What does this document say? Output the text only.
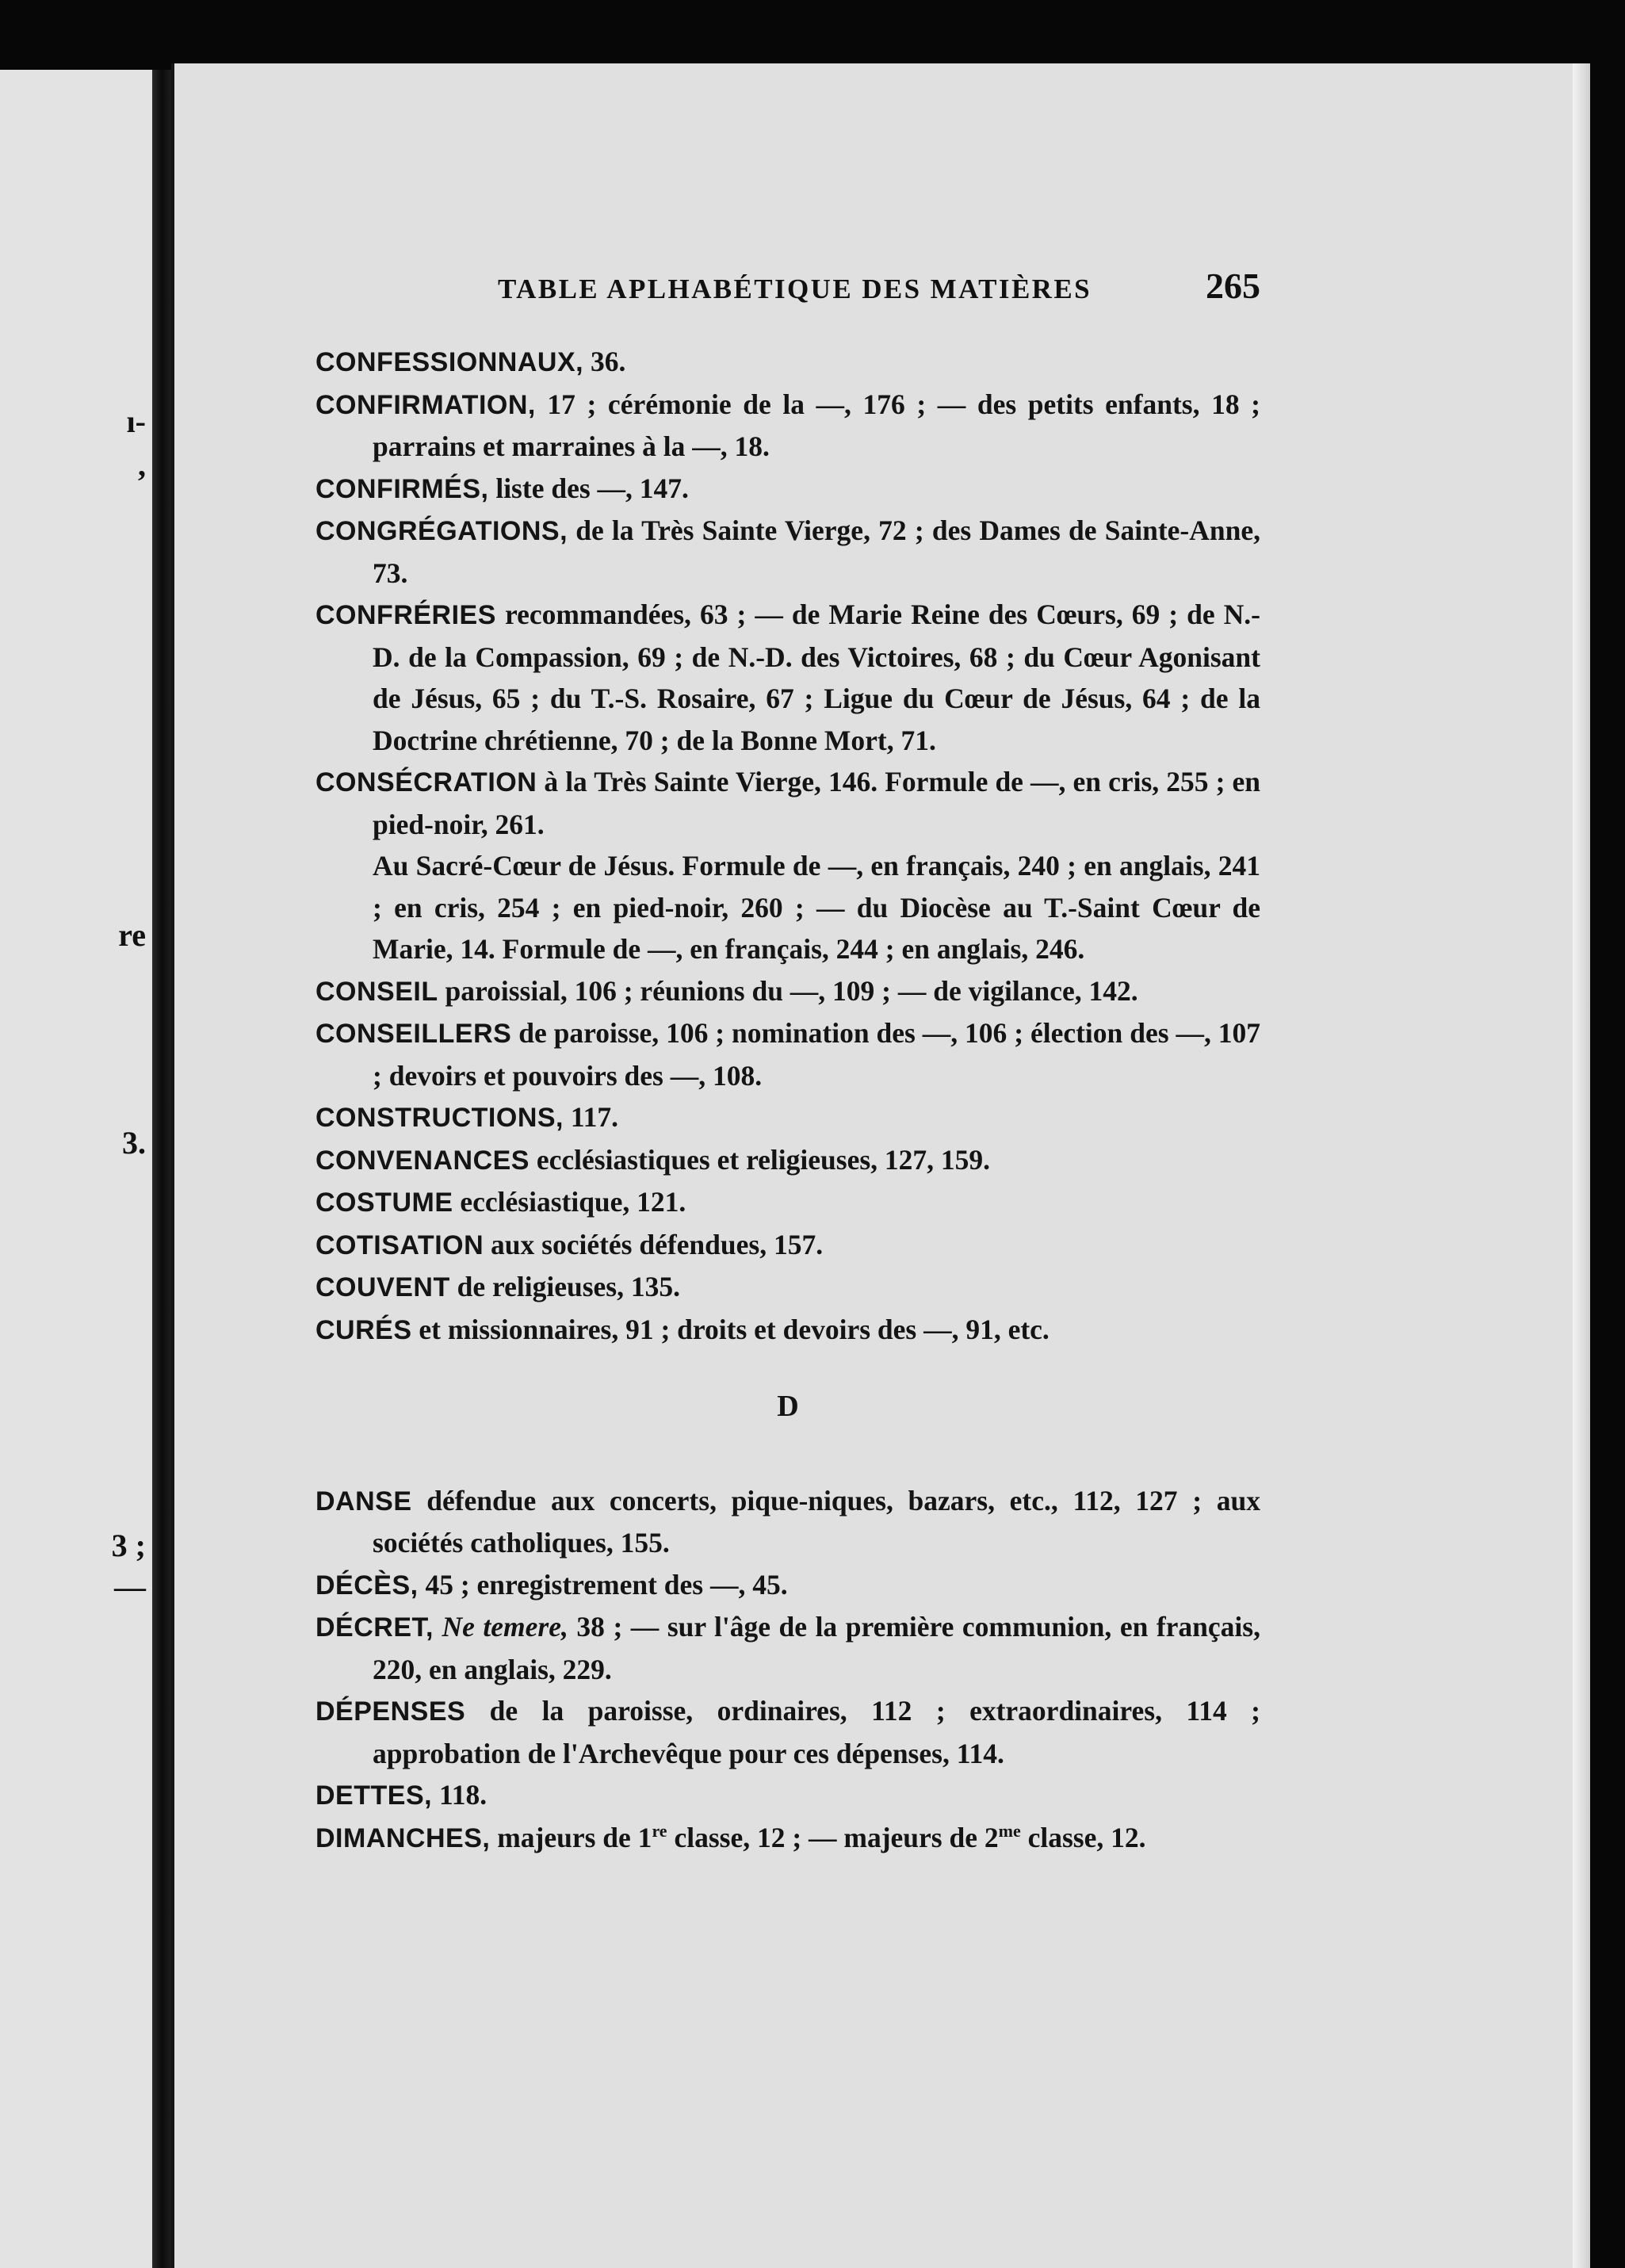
ı-
,
re
3.
3 ;
—
TABLE APLHABÉTIQUE DES MATIÈRES	265
CONFESSIONNAUX, 36.
CONFIRMATION, 17 ; cérémonie de la —, 176 ; — des petits enfants, 18 ; parrains et marraines à la —, 18.
CONFIRMÉS, liste des —, 147.
CONGRÉGATIONS, de la Très Sainte Vierge, 72 ; des Dames de Sainte-Anne, 73.
CONFRÉRIES recommandées, 63 ; — de Marie Reine des Cœurs, 69 ; de N.-D. de la Compassion, 69 ; de N.-D. des Victoires, 68 ; du Cœur Agonisant de Jésus, 65 ; du T.-S. Rosaire, 67 ; Ligue du Cœur de Jésus, 64 ; de la Doctrine chrétienne, 70 ; de la Bonne Mort, 71.
CONSÉCRATION à la Très Sainte Vierge, 146. Formule de —, en cris, 255 ; en pied-noir, 261.
Au Sacré-Cœur de Jésus. Formule de —, en français, 240 ; en anglais, 241 ; en cris, 254 ; en pied-noir, 260 ; — du Diocèse au T.-Saint Cœur de Marie, 14. Formule de —, en français, 244 ; en anglais, 246.
CONSEIL paroissial, 106 ; réunions du —, 109 ; — de vigilance, 142.
CONSEILLERS de paroisse, 106 ; nomination des —, 106 ; élection des —, 107 ; devoirs et pouvoirs des —, 108.
CONSTRUCTIONS, 117.
CONVENANCES ecclésiastiques et religieuses, 127, 159.
COSTUME ecclésiastique, 121.
COTISATION aux sociétés défendues, 157.
COUVENT de religieuses, 135.
CURÉS et missionnaires, 91 ; droits et devoirs des —, 91, etc.
D
DANSE défendue aux concerts, pique-niques, bazars, etc., 112, 127 ; aux sociétés catholiques, 155.
DÉCÈS, 45 ; enregistrement des —, 45.
DÉCRET, Ne temere, 38 ; — sur l'âge de la première communion, en français, 220, en anglais, 229.
DÉPENSES de la paroisse, ordinaires, 112 ; extraordinaires, 114 ; approbation de l'Archevêque pour ces dépenses, 114.
DETTES, 118.
DIMANCHES, majeurs de 1re classe, 12 ; — majeurs de $2^{me}$ classe, 12.
